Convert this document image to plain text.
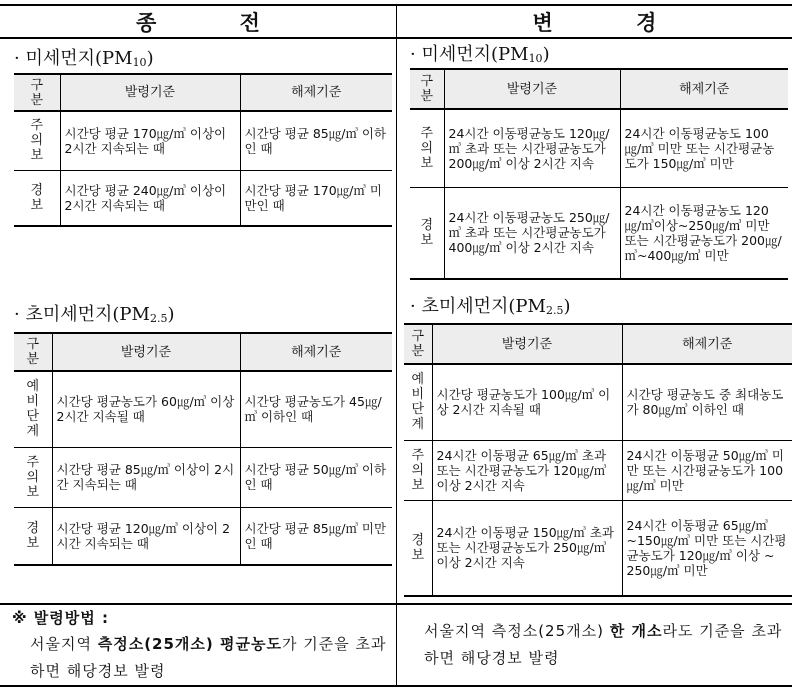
종 전	변 경
· 미세먼지$(PM_{10})$
구분	발령기준	해제기준

주의보	시간당 평균 170㎍/㎥ 이상이 2시간 지속되는 때	시간당 평균 85㎍/㎥ 이하인 때

경보	시간당 평균 240㎍/㎥ 이상이 2시간 지속되는 때	시간당 평균 170㎍/㎥ 미만인 때
· 초미세먼지$(PM_{2.5})$
구분	발령기준	해제기준

예비단계	시간당 평균농도가 60㎍/㎥ 이상 2시간 지속될 때	시간당 평균농도가 45㎍/㎥ 이하인 때

주의보	시간당 평균 85㎍/㎥ 이상이 2시간 지속되는 때	시간당 평균 50㎍/㎥ 이하인 때

경보	시간당 평균 120㎍/㎥ 이상이 2시간 지속되는 때	시간당 평균 85㎍/㎥ 미만인 때
· 미세먼지$(PM_{10})$
구분	발령기준	해제기준

주의보	24시간 이동평균농도 120㎍/㎥ 초과 또는 시간평균농도가 200㎍/㎥ 이상 2시간 지속	24시간 이동평균농도 100㎍/㎥ 미만 또는 시간평균농도가 150㎍/㎥ 미만

경보	24시간 이동평균농도 250㎍/㎥ 초과 또는 시간평균농도가 400㎍/㎥ 이상 2시간 지속	24시간 이동평균농도 120㎍/㎥이상~250㎍/㎥ 미만 또는 시간평균농도가 200㎍/㎥~400㎍/㎥ 미만
· 초미세먼지$(PM_{2.5})$
구분	발령기준	해제기준

예비단계	시간당 평균농도가 100㎍/㎥ 이상 2시간 지속될 때	시간당 평균농도 중 최대농도가 80㎍/㎥ 이하인 때

주의보	24시간 이동평균 65㎍/㎥ 초과 또는 시간평균농도가 120㎍/㎥이상 2시간 지속	24시간 이동평균 50㎍/㎥ 미만 또는 시간평균농도가 100㎍/㎥ 미만

경보	24시간 이동평균 150㎍/㎥ 초과 또는 시간평균농도가 250㎍/㎥ 이상 2시간 지속	24시간 이동평균 65㎍/㎥ ~150㎍/㎥ 미만 또는 시간평균농도가 120㎍/㎥ 이상 ~ 250㎍/㎥ 미만
※ 발령방법 :
서울지역 측정소(25개소) 평균농도가 기준을 초과하면 해당경보 발령
서울지역 측정소(25개소) 한 개소라도 기준을 초과하면 해당경보 발령
